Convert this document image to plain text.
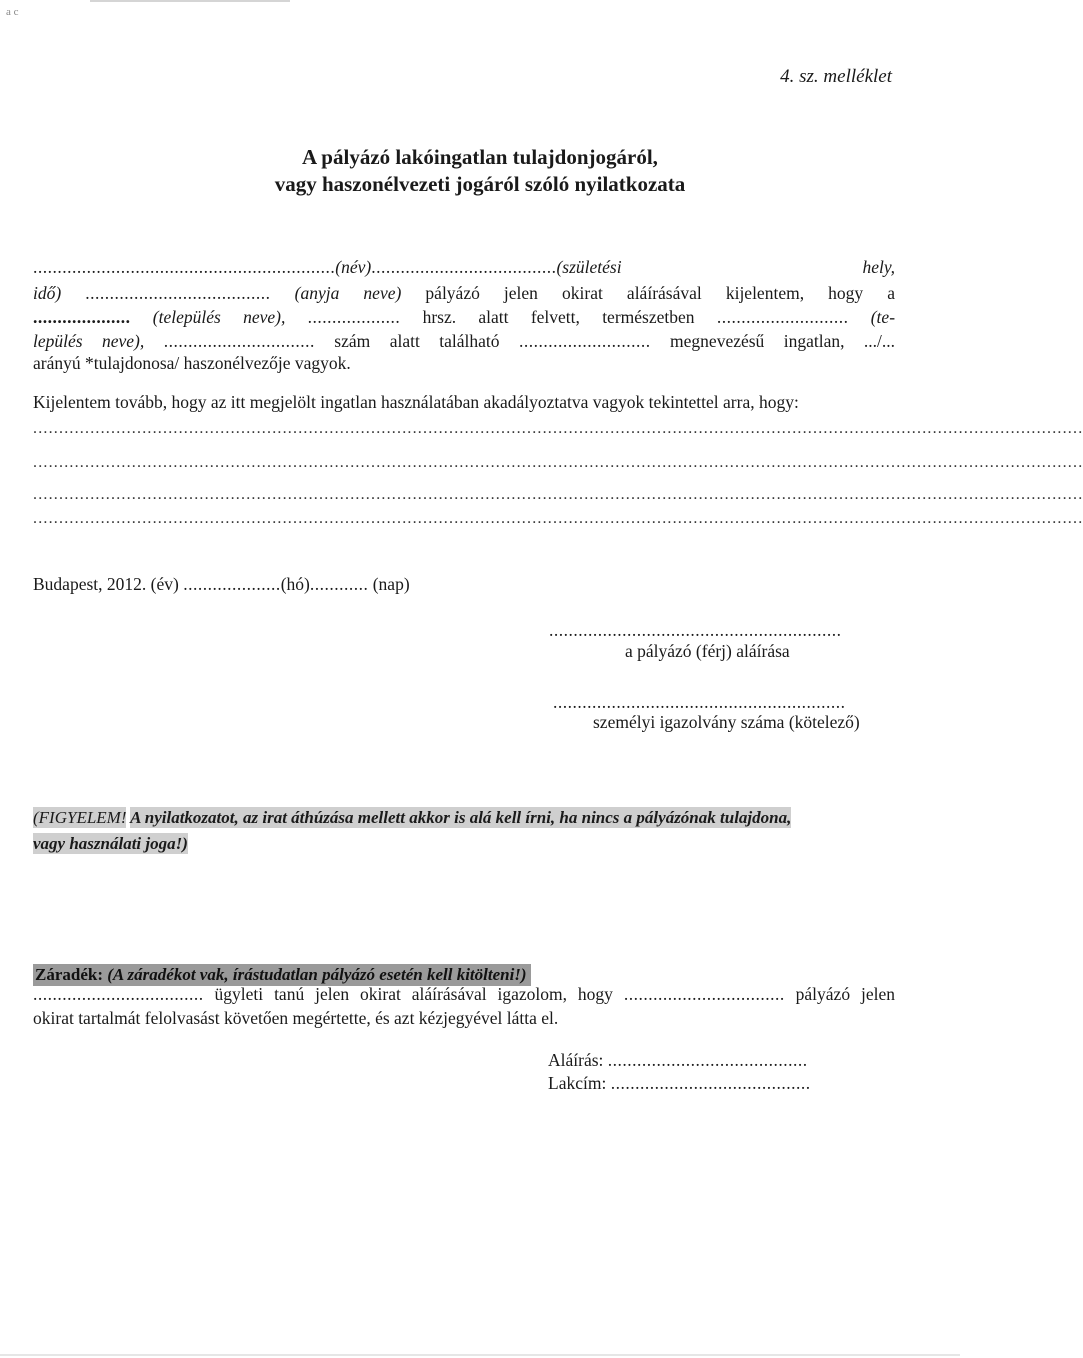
a c
4. sz. melléklet
A pályázó lakóingatlan tulajdonjogáról,
vagy haszonélvezeti jogáról szóló nyilatkozata
..............................................................(név)......................................(születési hely,
idő) ...................................... (anyja neve) pályázó jelen okirat aláírásával kijelentem, hogy a
.................... (település neve), ................... hrsz. alatt felvett, természetben ........................... (te-
lepülés neve), ............................... szám alatt található ........................... megnevezésű ingatlan, .../...
arányú *tulajdonosa/ haszonélvezője vagyok.
Kijelentem tovább, hogy az itt megjelölt ingatlan használatában akadályoztatva vagyok tekintettel arra, hogy:
..........................................................................................................................................................................................................
..........................................................................................................................................................................................................
..........................................................................................................................................................................................................
..........................................................................................................................................................................................................
Budapest, 2012. (év) ....................(hó)............ (nap)
............................................................
a pályázó (férj) aláírása
............................................................
személyi igazolvány száma (kötelező)
(FIGYELEM! A nyilatkozatot, az irat áthúzása mellett akkor is alá kell írni, ha nincs a pályázónak tulajdona,
vagy használati joga!)
Záradék: (A záradékot vak, írástudatlan pályázó esetén kell kitölteni!)
................................... ügyleti tanú jelen okirat aláírásával igazolom, hogy ................................. pályázó jelen
okirat tartalmát felolvasást követően megértette, és azt kézjegyével látta el.
Aláírás: .........................................
Lakcím: .........................................
